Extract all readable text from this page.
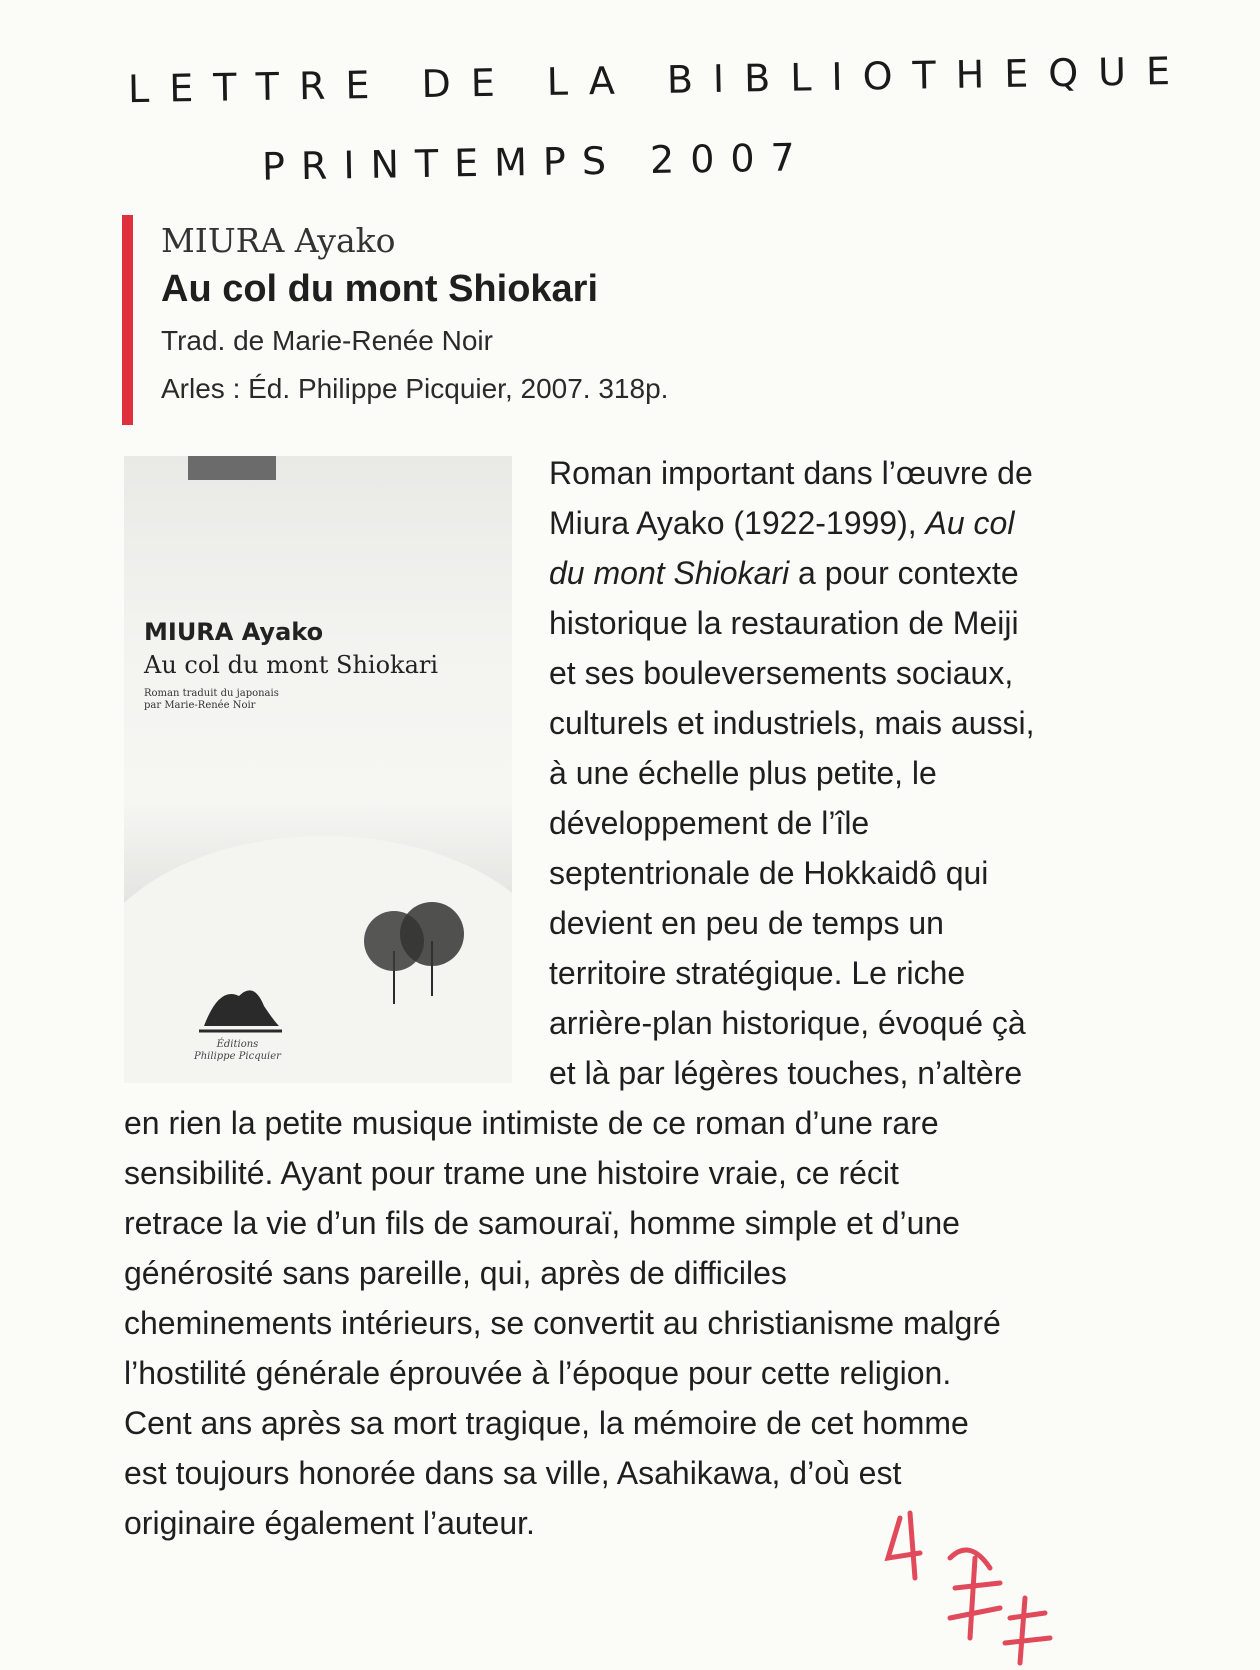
LETTRE DE LA BIBLIOTHEQUE
PRINTEMPS 2007
MIURA Ayako
Au col du mont Shiokari
Trad. de Marie-Renée Noir
Arles : Éd. Philippe Picquier, 2007. 318p.
MIURA Ayako
Au col du mont Shiokari
Roman traduit du japonais
par Marie-Renée Noir
Éditions
Philippe Picquier
Roman important dans l’œuvre de
Miura Ayako (1922-1999), Au col
du mont Shiokari a pour contexte
historique la restauration de Meiji
et ses bouleversements sociaux,
culturels et industriels, mais aussi,
à une échelle plus petite, le
développement de l’île
septentrionale de Hokkaidô qui
devient en peu de temps un
territoire stratégique. Le riche
arrière-plan historique, évoqué çà
et là par légères touches, n’altère
en rien la petite musique intimiste de ce roman d’une rare
sensibilité. Ayant pour trame une histoire vraie, ce récit
retrace la vie d’un fils de samouraï, homme simple et d’une
générosité sans pareille, qui, après de difficiles
cheminements intérieurs, se convertit au christianisme malgré
l’hostilité générale éprouvée à l’époque pour cette religion.
Cent ans après sa mort tragique, la mémoire de cet homme
est toujours honorée dans sa ville, Asahikawa, d’où est
originaire également l’auteur.
